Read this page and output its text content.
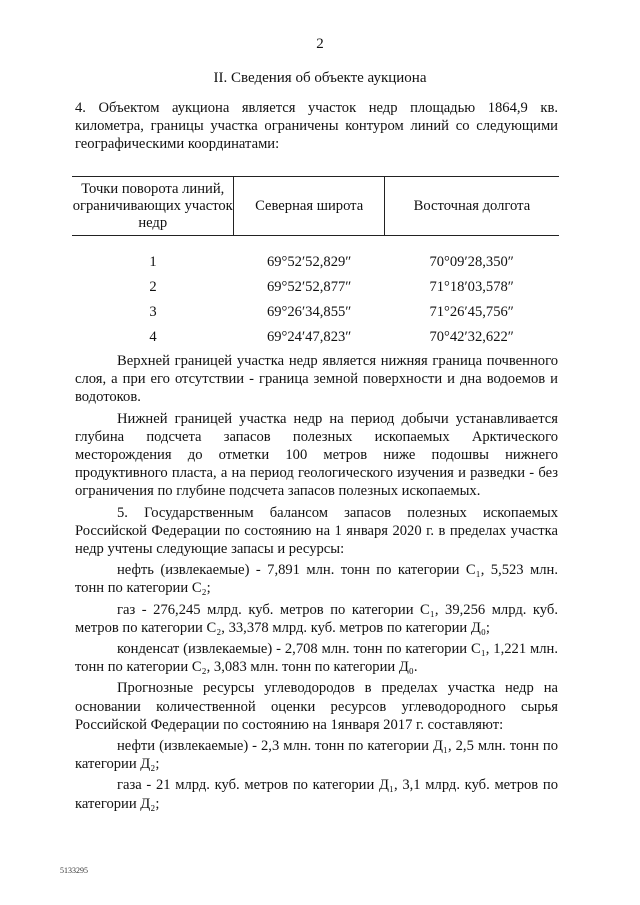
2
II. Сведения об объекте аукциона

4. Объектом аукциона является участок недр площадью 1864,9 кв. километра, границы участка ограничены контуром линий со следующими географическими координатами:

Точки поворота линий, ограничивающих участок недр	Северная широта	Восточная долгота
1	69°52′52,829″	70°09′28,350″
2	69°52′52,877″	71°18′03,578″
3	69°26′34,855″	71°26′45,756″
4	69°24′47,823″	70°42′32,622″

Верхней границей участка недр является нижняя граница почвенного слоя, а при его отсутствии - граница земной поверхности и дна водоемов и водотоков.

Нижней границей участка недр на период добычи устанавливается глубина подсчета запасов полезных ископаемых Арктического месторождения до отметки 100 метров ниже подошвы нижнего продуктивного пласта, а на период геологического изучения и разведки - без ограничения по глубине подсчета запасов полезных ископаемых.

5. Государственным балансом запасов полезных ископаемых Российской Федерации по состоянию на 1 января 2020 г. в пределах участка недр учтены следующие запасы и ресурсы:

нефть (извлекаемые) - 7,891 млн. тонн по категории C₁, 5,523 млн. тонн по категории C₂;

газ - 276,245 млрд. куб. метров по категории C₁, 39,256 млрд. куб. метров по категории C₂, 33,378 млрд. куб. метров по категории Д₀;

конденсат (извлекаемые) - 2,708 млн. тонн по категории C₁, 1,221 млн. тонн по категории C₂, 3,083 млн. тонн по категории Д₀.

Прогнозные ресурсы углеводородов в пределах участка недр на основании количественной оценки ресурсов углеводородного сырья Российской Федерации по состоянию на 1января 2017 г. составляют:

нефти (извлекаемые) - 2,3 млн. тонн по категории Д₁, 2,5 млн. тонн по категории Д₂;

газа - 21 млрд. куб. метров по категории Д₁, 3,1 млрд. куб. метров по категории Д₂;

5133295
